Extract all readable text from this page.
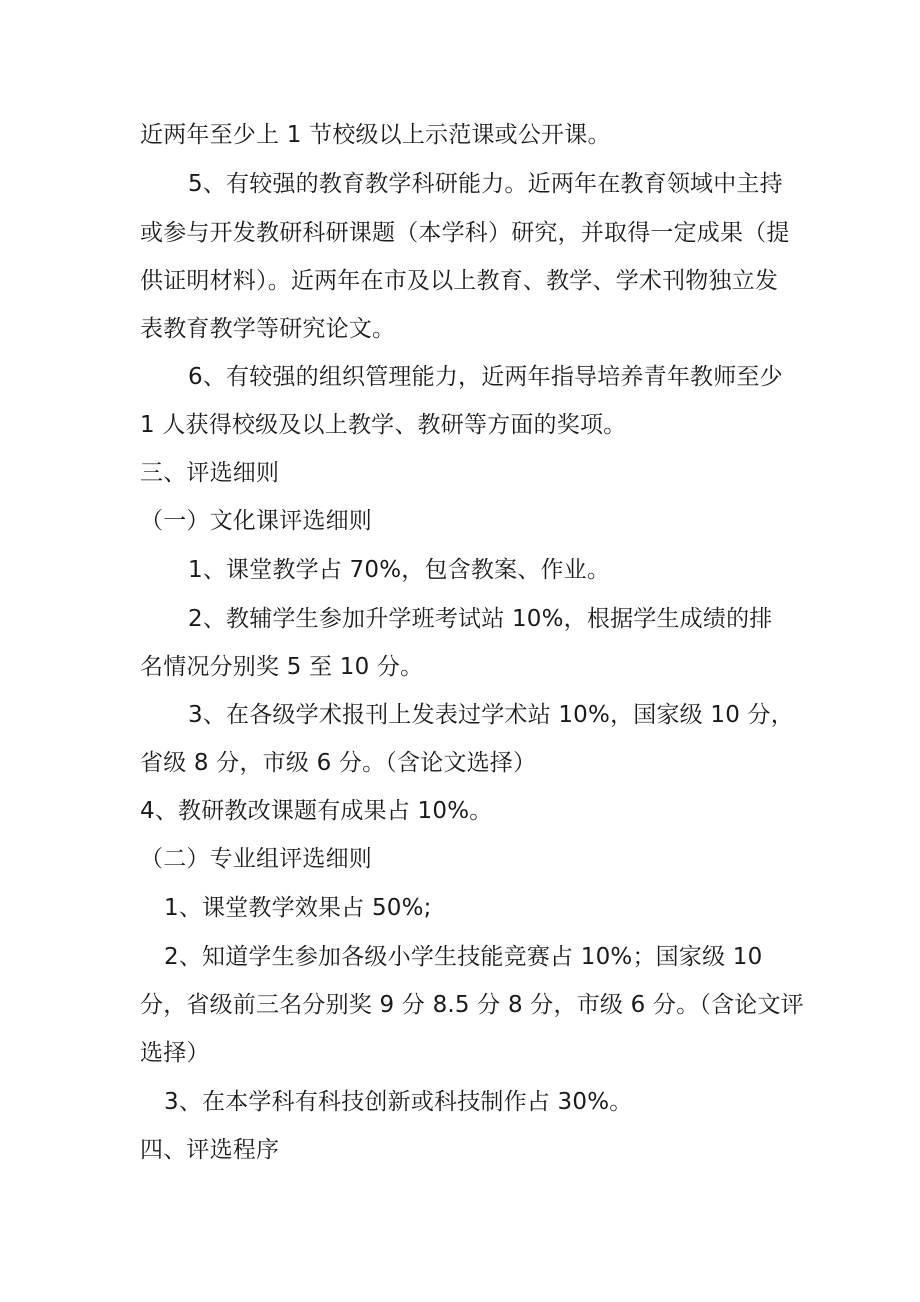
近两年至少上 1 节校级以上示范课或公开课。
5、有较强的教育教学科研能力。近两年在教育领域中主持
或参与开发教研科研课题（本学科）研究，并取得一定成果（提
供证明材料）。近两年在市及以上教育、教学、学术刊物独立发
表教育教学等研究论文。
6、有较强的组织管理能力，近两年指导培养青年教师至少
1 人获得校级及以上教学、教研等方面的奖项。
三、评选细则
（一）文化课评选细则
1、课堂教学占 70%，包含教案、作业。
2、教辅学生参加升学班考试站 10%，根据学生成绩的排
名情况分别奖 5 至 10 分。
3、在各级学术报刊上发表过学术站 10%，国家级 10 分，
省级 8 分，市级 6 分。（含论文选择）
4、教研教改课题有成果占 10%。
（二）专业组评选细则
1、课堂教学效果占 50%;
2、知道学生参加各级小学生技能竞赛占 10%；国家级 10
分，省级前三名分别奖 9 分 8.5 分 8 分，市级 6 分。（含论文评
选择）
3、在本学科有科技创新或科技制作占 30%。
四、评选程序
